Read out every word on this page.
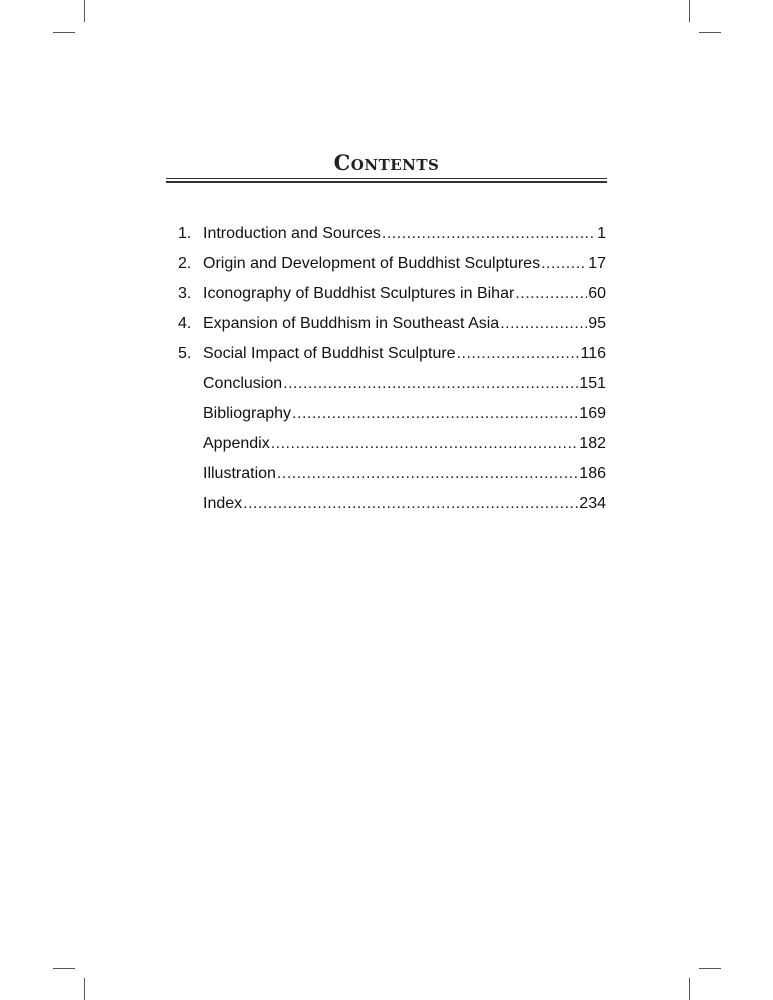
Contents
1. Introduction and Sources .....	1
2. Origin and Development of Buddhist Sculptures .....	17
3. Iconography of Buddhist Sculptures in Bihar .....	60
4. Expansion of Buddhism in Southeast Asia .....	95
5. Social Impact of Buddhist Sculpture .....	116
Conclusion .....	151
Bibliography .....	169
Appendix .....	182
Illustration .....	186
Index .....	234
